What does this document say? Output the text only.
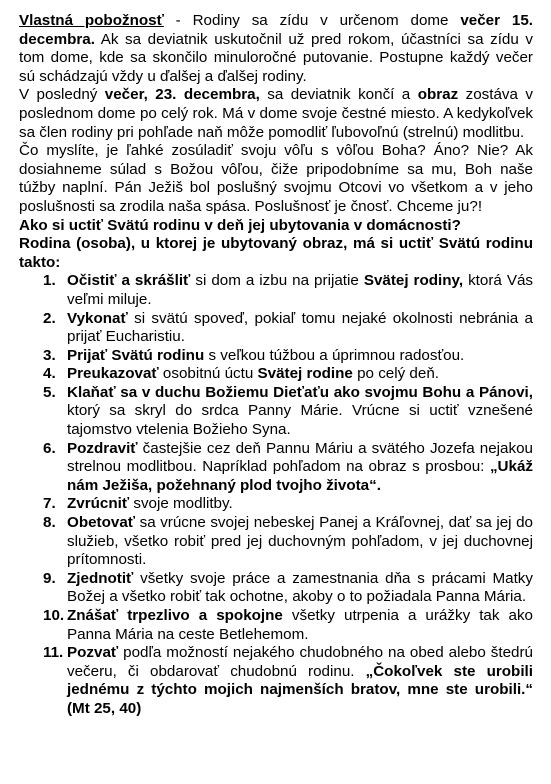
Vlastná pobožnosť - Rodiny sa zídu v určenom dome večer 15. decembra. Ak sa deviatnik uskutočnil už pred rokom, účastníci sa zídu v tom dome, kde sa skončilo minuloročné putovanie. Postupne každý večer sú schádzajú vždy u ďalšej a ďalšej rodiny.

V posledný večer, 23. decembra, sa deviatnik končí a obraz zostáva v poslednom dome po celý rok. Má v dome svoje čestné miesto. A kedykoľvek sa člen rodiny pri pohľade naň môže pomodliť ľubovoľnú (strelnú) modlitbu.

Čo myslíte, je ľahké zosúladiť svoju vôľu s vôľou Boha? Áno? Nie? Ak dosiahneme súlad s Božou vôľou, čiže pripodobníme sa mu, Boh naše túžby naplní. Pán Ježiš bol poslušný svojmu Otcovi vo všetkom a v jeho poslušnosti sa zrodila naša spása. Poslušnosť je čnosť. Chceme ju?!

Ako si uctiť Svätú rodinu v deň jej ubytovania v domácnosti?

Rodina (osoba), u ktorej je ubytovaný obraz, má si uctiť Svätú rodinu takto:

1. Očistiť a skrášliť si dom a izbu na prijatie Svätej rodiny, ktorá Vás veľmi miluje.
2. Vykonať si svätú spoveď, pokiaľ tomu nejaké okolnosti nebránia a prijať Eucharistiu.
3. Prijať Svätú rodinu s veľkou túžbou a úprimnou radosťou.
4. Preukazovať osobitnú úctu Svätej rodine po celý deň.
5. Klaňať sa v duchu Božiemu Dieťaťu ako svojmu Bohu a Pánovi, ktorý sa skryl do srdca Panny Márie. Vrúcne si uctiť vznešené tajomstvo vtelenia Božieho Syna.
6. Pozdraviť častejšie cez deň Pannu Máriu a svätého Jozefa nejakou strelnou modlitbou. Napríklad pohľadom na obraz s prosbou: „Ukáž nám Ježiša, požehnaný plod tvojho života“.
7. Zvrúcniť svoje modlitby.
8. Obetovať sa vrúcne svojej nebeskej Panej a Kráľovnej, dať sa jej do služieb, všetko robiť pred jej duchovným pohľadom, v jej duchovnej prítomnosti.
9. Zjednotiť všetky svoje práce a zamestnania dňa s prácami Matky Božej a všetko robiť tak ochotne, akoby o to požiadala Panna Mária.
10. Znášať trpezlivo a spokojne všetky utrpenia a urážky tak ako Panna Mária na ceste Betlehemom.
11. Pozvať podľa možností nejakého chudobného na obed alebo štedrú večeru, či obdarovať chudobnú rodinu. „Čokoľvek ste urobili jednému z týchto mojich najmenších bratov, mne ste urobili.“ (Mt 25, 40)
